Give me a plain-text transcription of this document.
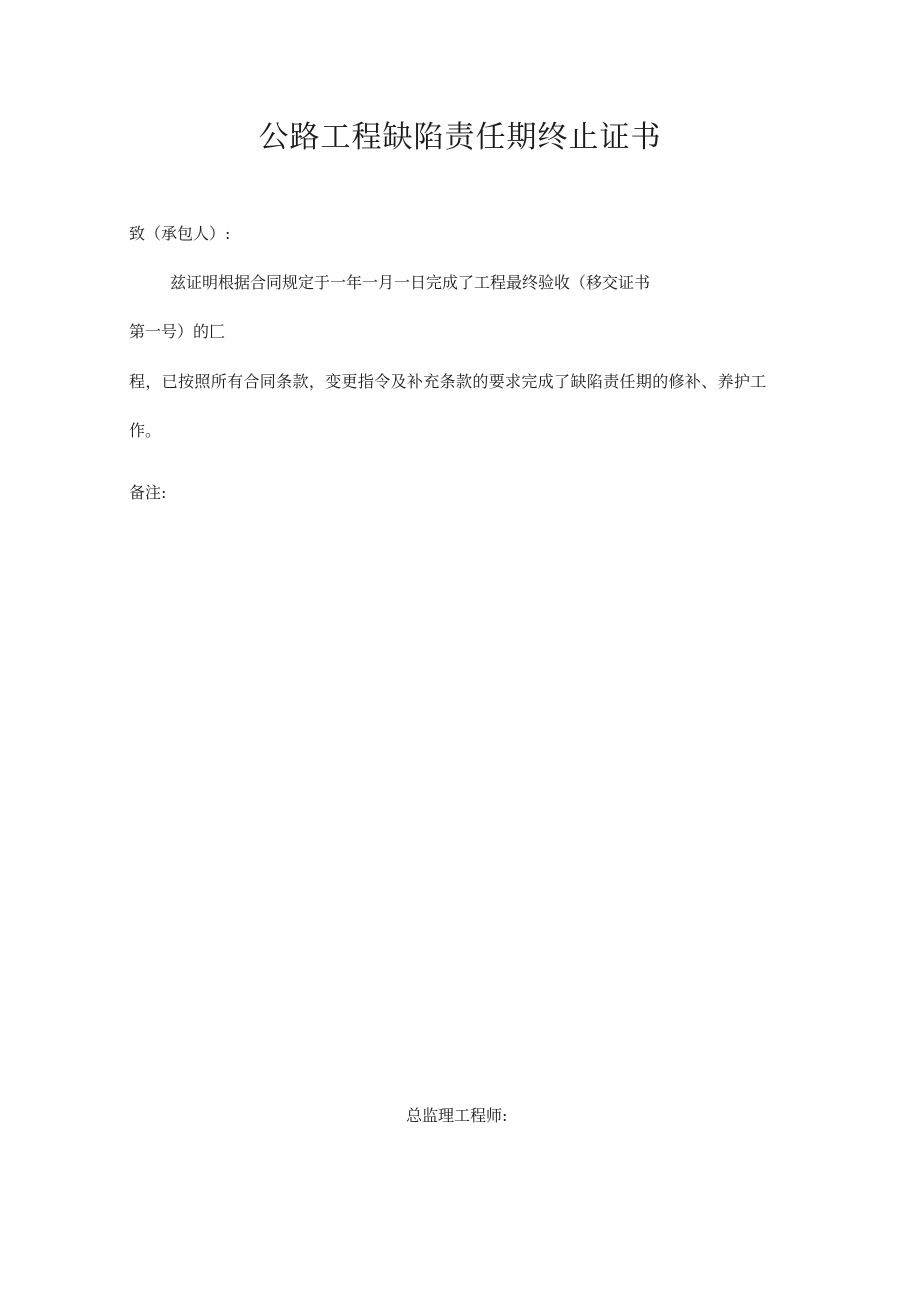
公路工程缺陷责任期终止证书
致（承包人）:
兹证明根据合同规定于一年一月一日完成了工程最终验收（移交证书
第一号）的匚
程，已按照所有合同条款，变更指令及补充条款的要求完成了缺陷责任期的修补、养护工
作。
备注:
总监理工程师:
